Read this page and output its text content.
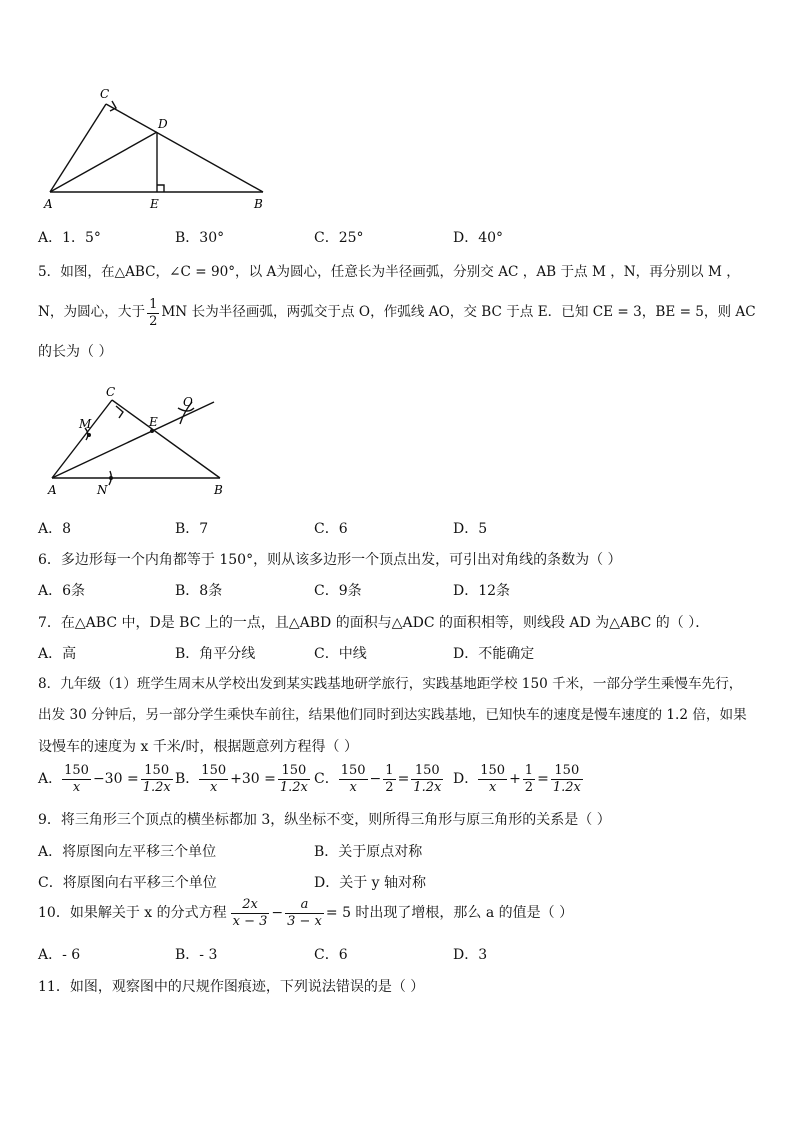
C
D
A	E	B
A．1．5°	B．30°	C．25°	D．40°
5．如图，在△ABC，∠C = 90°，以 A为圆心，任意长为半径画弧，分别交 AC ，AB 于点 M ，N，再分别以 M ，
N，为圆心，大于 $\frac{1}{2}$ MN 长为半径画弧，两弧交于点 O，作弧线 AO，交 BC 于点 E．已知 CE = 3，BE = 5，则 AC
的长为（ ）
C
M	E
O
A	N	B
A．8	B．7	C．6	D．5
6．多边形每一个内角都等于 150°，则从该多边形一个顶点出发，可引出对角线的条数为（ ）
A．6条	B．8条	C．9条	D．12条
7．在△ABC 中，D是 BC 上的一点，且△ABD 的面积与△ADC 的面积相等，则线段 AD 为△ABC 的（ ）．
A．高	B．角平分线	C．中线	D．不能确定
8．九年级（1）班学生周末从学校出发到某实践基地研学旅行，实践基地距学校 150 千米，一部分学生乘慢车先行，
出发 30 分钟后，另一部分学生乘快车前往，结果他们同时到达实践基地，已知快车的速度是慢车速度的 1.2 倍，如果
设慢车的速度为 x 千米/时，根据题意列方程得（ ）
A． $\frac{150}{x} -30 = \frac{150}{1.2x}$ B． $\frac{150}{x} +30 = \frac{150}{1.2x}$ C． $\frac{150}{x} - \frac{1}{2} = \frac{150}{1.2x}$ D． $\frac{150}{x} + \frac{1}{2} = \frac{150}{1.2x}$
9．将三角形三个顶点的横坐标都加 3，纵坐标不变，则所得三角形与原三角形的关系是（ ）
A．将原图向左平移三个单位	B．关于原点对称
C．将原图向右平移三个单位	D．关于 y 轴对称
10．如果解关于 x 的分式方程 $\frac{2x}{x - 3} - \frac{a}{3 - x} = 5$ 时出现了增根，那么 a 的值是（ ）
A．- 6	B．- 3	C．6	D．3
11．如图，观察图中的尺规作图痕迹，下列说法错误的是（ ）
